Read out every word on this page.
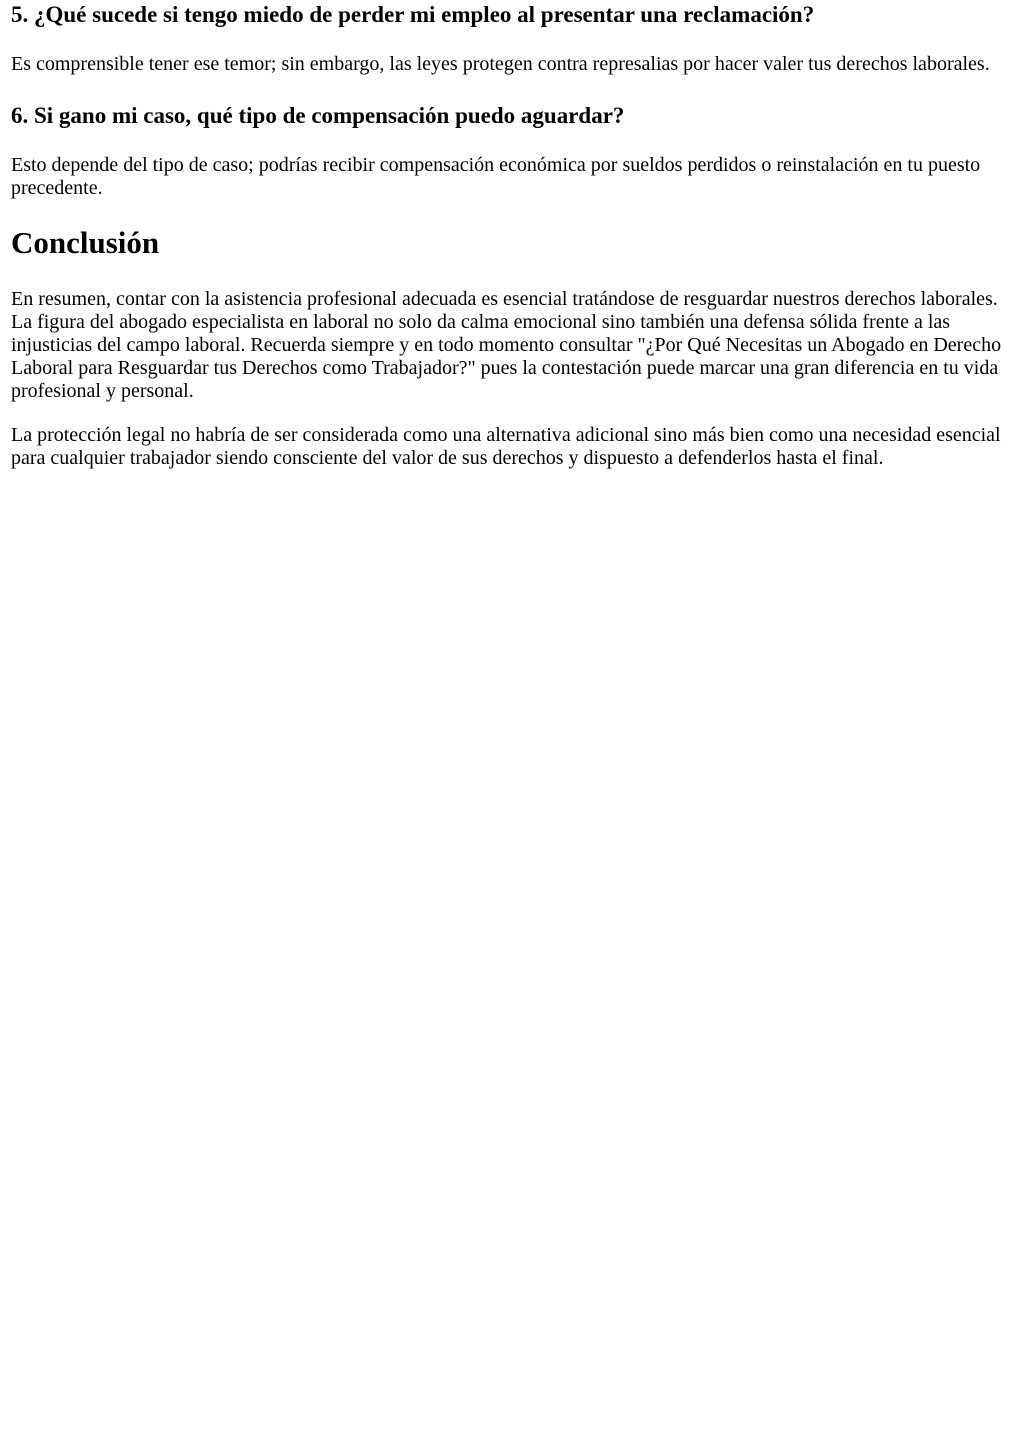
5. ¿Qué sucede si tengo miedo de perder mi empleo al presentar una reclamación?

Es comprensible tener ese temor; sin embargo, las leyes protegen contra represalias por hacer valer tus derechos laborales.

6. Si gano mi caso, qué tipo de compensación puedo aguardar?

Esto depende del tipo de caso; podrías recibir compensación económica por sueldos perdidos o reinstalación en tu puesto precedente.

Conclusión

En resumen, contar con la asistencia profesional adecuada es esencial tratándose de resguardar nuestros derechos laborales. La figura del abogado especialista en laboral no solo da calma emocional sino también una defensa sólida frente a las injusticias del campo laboral. Recuerda siempre y en todo momento consultar "¿Por Qué Necesitas un Abogado en Derecho Laboral para Resguardar tus Derechos como Trabajador?" pues la contestación puede marcar una gran diferencia en tu vida profesional y personal.

La protección legal no habría de ser considerada como una alternativa adicional sino más bien como una necesidad esencial para cualquier trabajador siendo consciente del valor de sus derechos y dispuesto a defenderlos hasta el final.
